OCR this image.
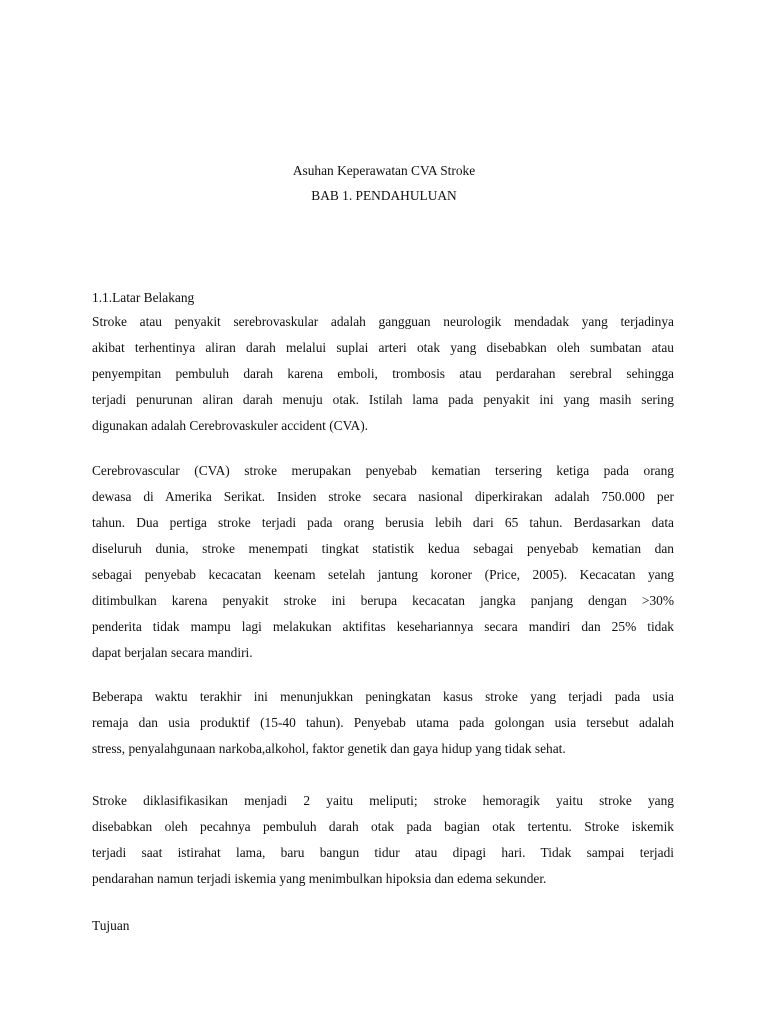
Asuhan Keperawatan CVA Stroke
BAB 1. PENDAHULUAN
1.1.Latar Belakang
Stroke atau penyakit serebrovaskular adalah gangguan neurologik mendadak yang terjadinya
akibat terhentinya aliran darah melalui suplai arteri otak yang disebabkan oleh sumbatan atau
penyempitan pembuluh darah karena emboli, trombosis atau perdarahan serebral sehingga
terjadi penurunan aliran darah menuju otak. Istilah lama pada penyakit ini yang masih sering
digunakan adalah Cerebrovaskuler accident (CVA).
Cerebrovascular (CVA) stroke merupakan penyebab kematian tersering ketiga pada orang
dewasa di Amerika Serikat. Insiden stroke secara nasional diperkirakan adalah 750.000 per
tahun. Dua pertiga stroke terjadi pada orang berusia lebih dari 65 tahun. Berdasarkan data
diseluruh dunia, stroke menempati tingkat statistik kedua sebagai penyebab kematian dan
sebagai penyebab kecacatan keenam setelah jantung koroner (Price, 2005). Kecacatan yang
ditimbulkan karena penyakit stroke ini berupa kecacatan jangka panjang dengan >30%
penderita tidak mampu lagi melakukan aktifitas kesehariannya secara mandiri dan 25% tidak
dapat berjalan secara mandiri.
Beberapa waktu terakhir ini menunjukkan peningkatan kasus stroke yang terjadi pada usia
remaja dan usia produktif (15-40 tahun). Penyebab utama pada golongan usia tersebut adalah
stress, penyalahgunaan narkoba,alkohol, faktor genetik dan gaya hidup yang tidak sehat.
Stroke diklasifikasikan menjadi 2 yaitu meliputi; stroke hemoragik yaitu stroke yang
disebabkan oleh pecahnya pembuluh darah otak pada bagian otak tertentu. Stroke iskemik
terjadi saat istirahat lama, baru bangun tidur atau dipagi hari. Tidak sampai terjadi
pendarahan namun terjadi iskemia yang menimbulkan hipoksia dan edema sekunder.
Tujuan
